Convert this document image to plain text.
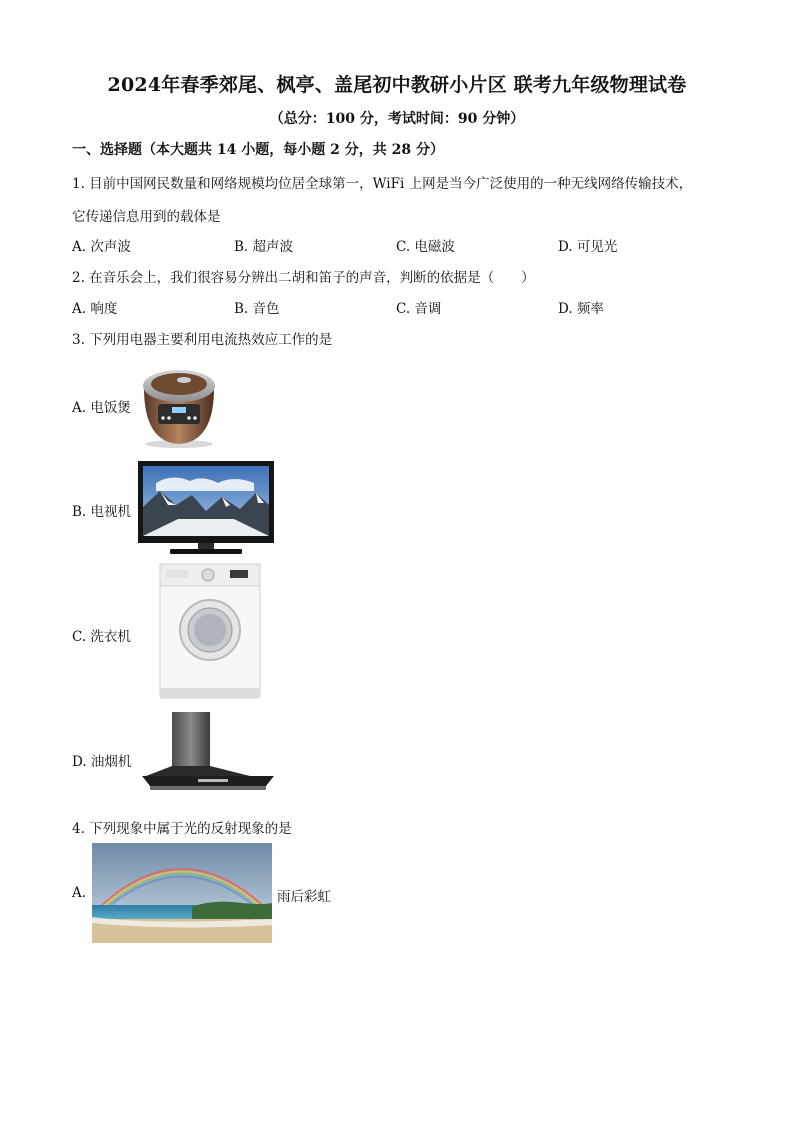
2024年春季郊尾、枫亭、盖尾初中教研小片区 联考九年级物理试卷
（总分：100 分，考试时间：90 分钟）
一、选择题（本大题共 14 小题，每小题 2 分，共 28 分）
1. 目前中国网民数量和网络规模均位居全球第一，WiFi 上网是当今广泛使用的一种无线网络传输技术，
它传递信息用到的载体是
A. 次声波	B. 超声波	C. 电磁波	D. 可见光
2. 在音乐会上，我们很容易分辨出二胡和笛子的声音，判断的依据是（　　）
A. 响度	B. 音色	C. 音调	D. 频率
3. 下列用电器主要利用电流热效应工作的是
A. 电饭煲
B. 电视机
C. 洗衣机
D. 油烟机
4. 下列现象中属于光的反射现象的是
A.	雨后彩虹
